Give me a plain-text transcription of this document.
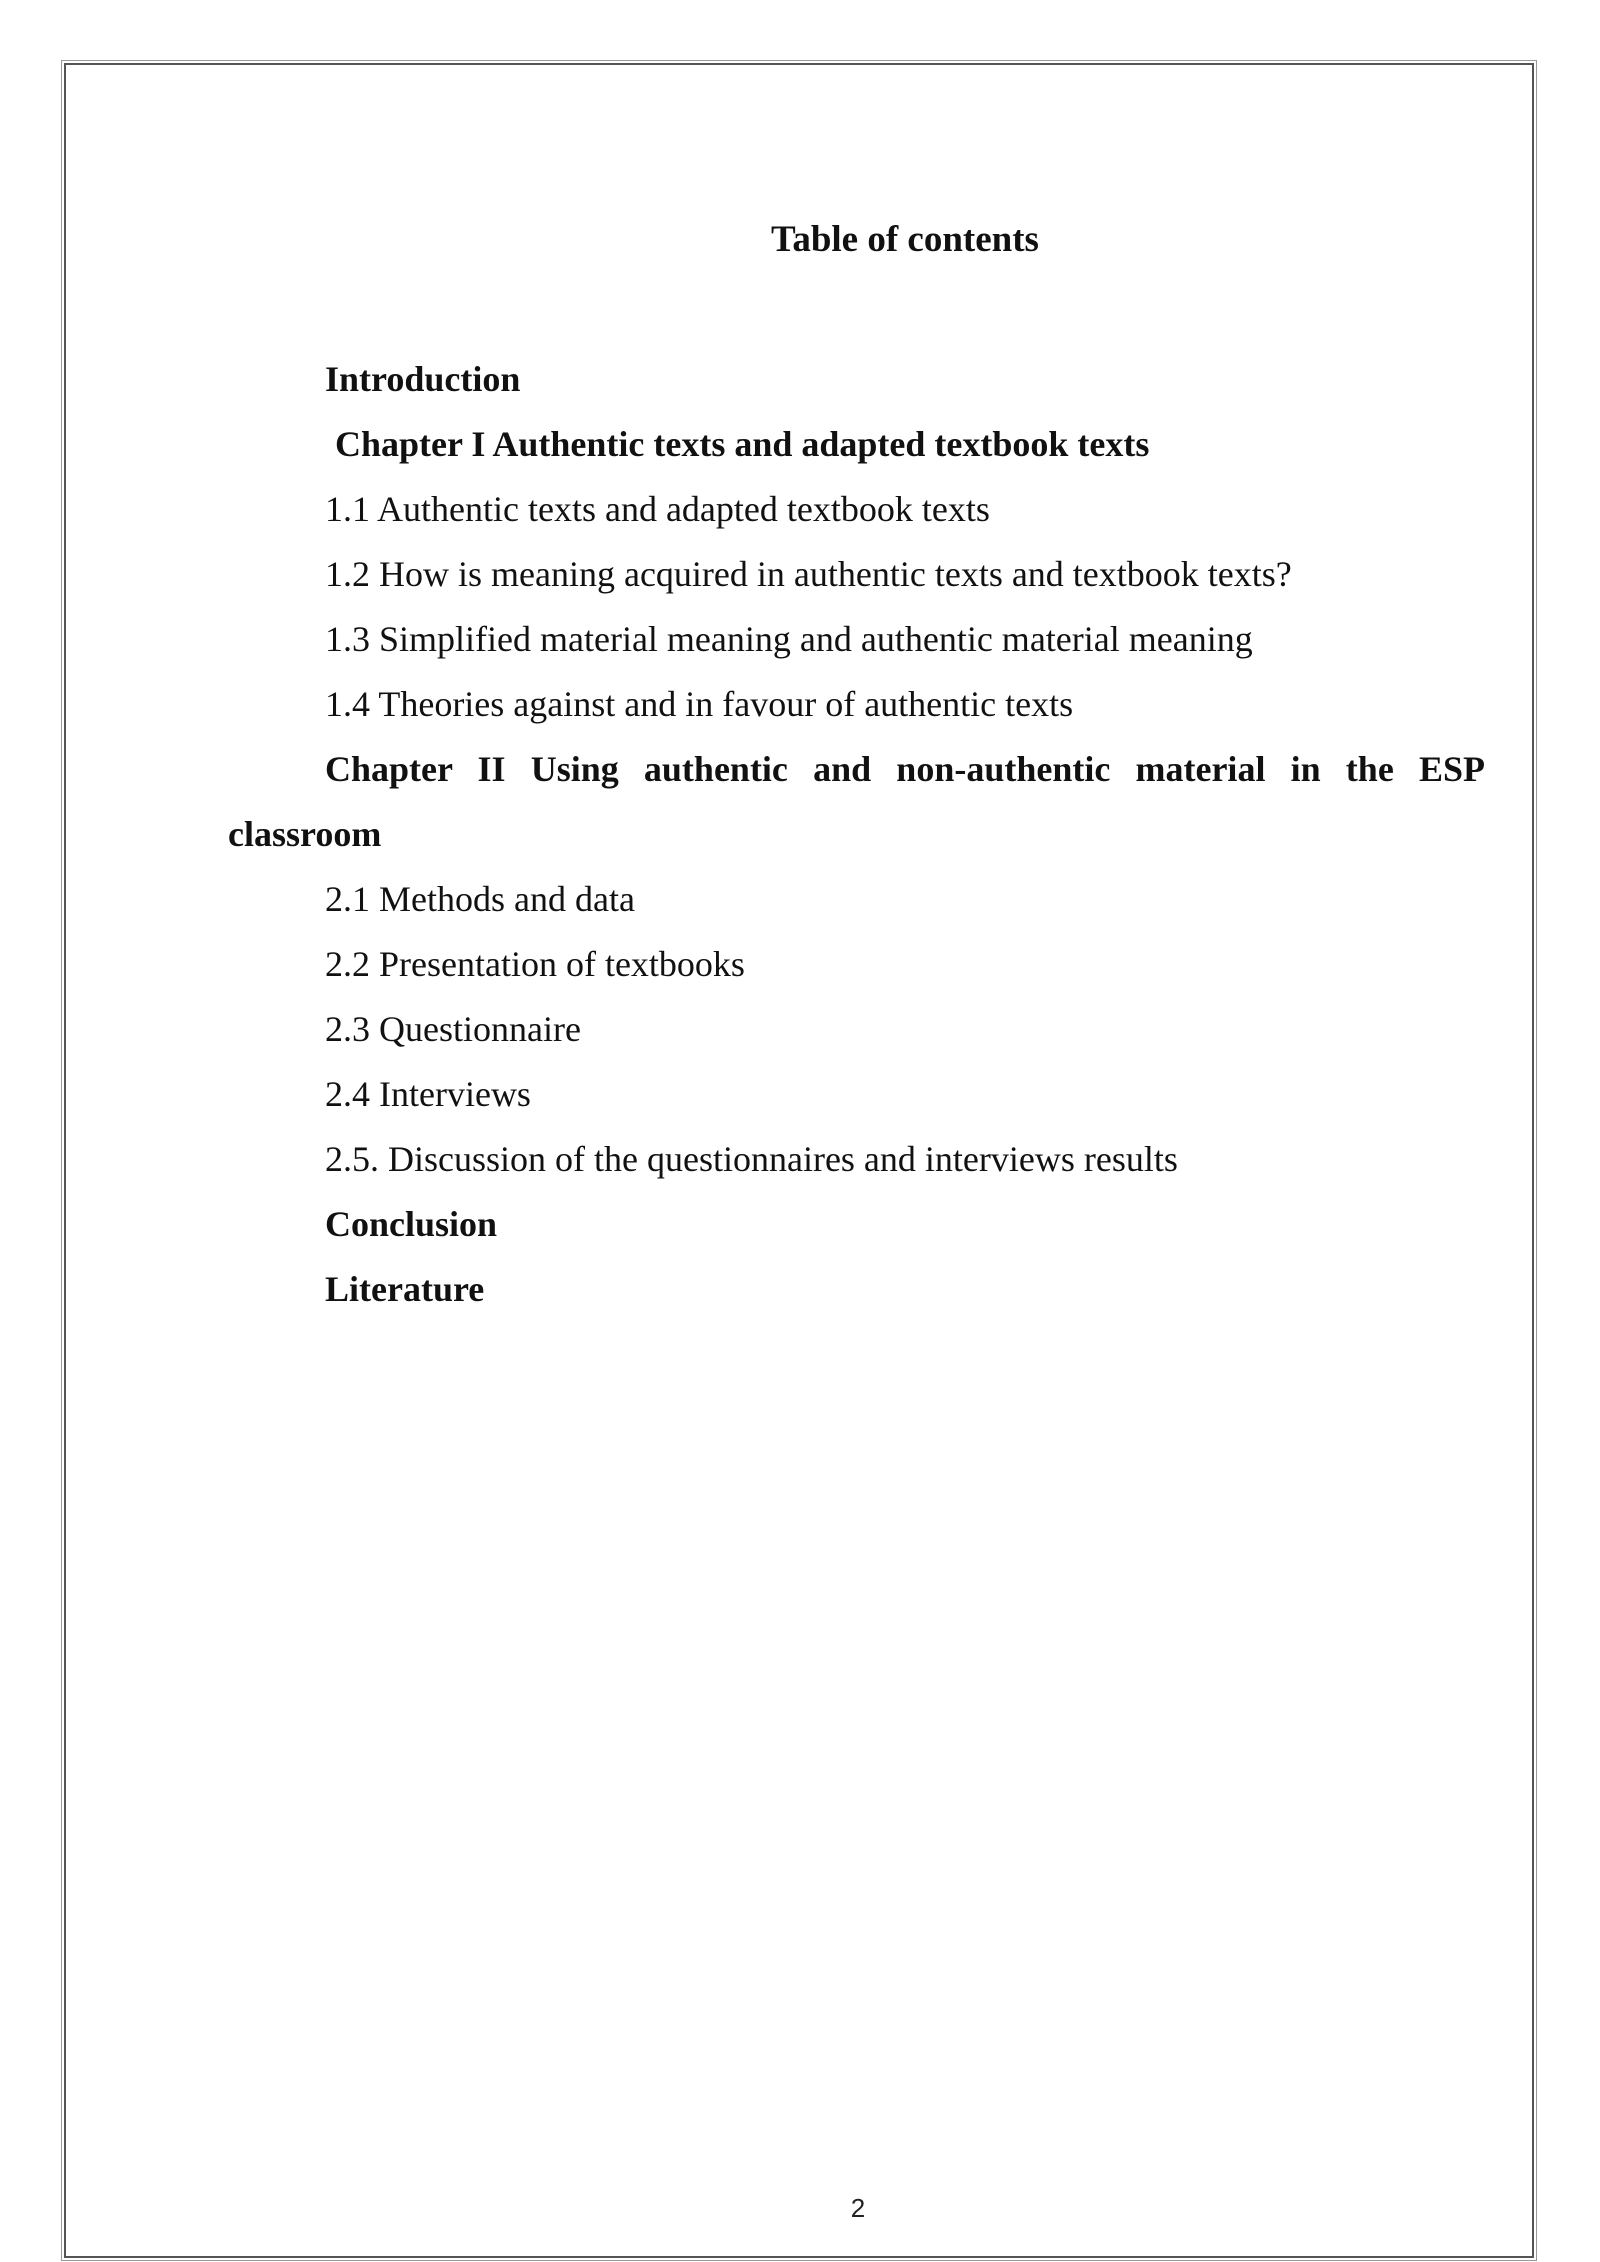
Table of contents
Introduction
Chapter I Authentic texts and adapted textbook texts
1.1 Authentic texts and adapted textbook texts
1.2 How is meaning acquired in authentic texts and textbook texts?
1.3 Simplified material meaning and authentic material meaning
1.4 Theories against and in favour of authentic texts
Chapter II Using authentic and non-authentic material in the ESP classroom
2.1 Methods and data
2.2 Presentation of textbooks
2.3 Questionnaire
2.4 Interviews
2.5. Discussion of the questionnaires and interviews results
Conclusion
Literature
2
